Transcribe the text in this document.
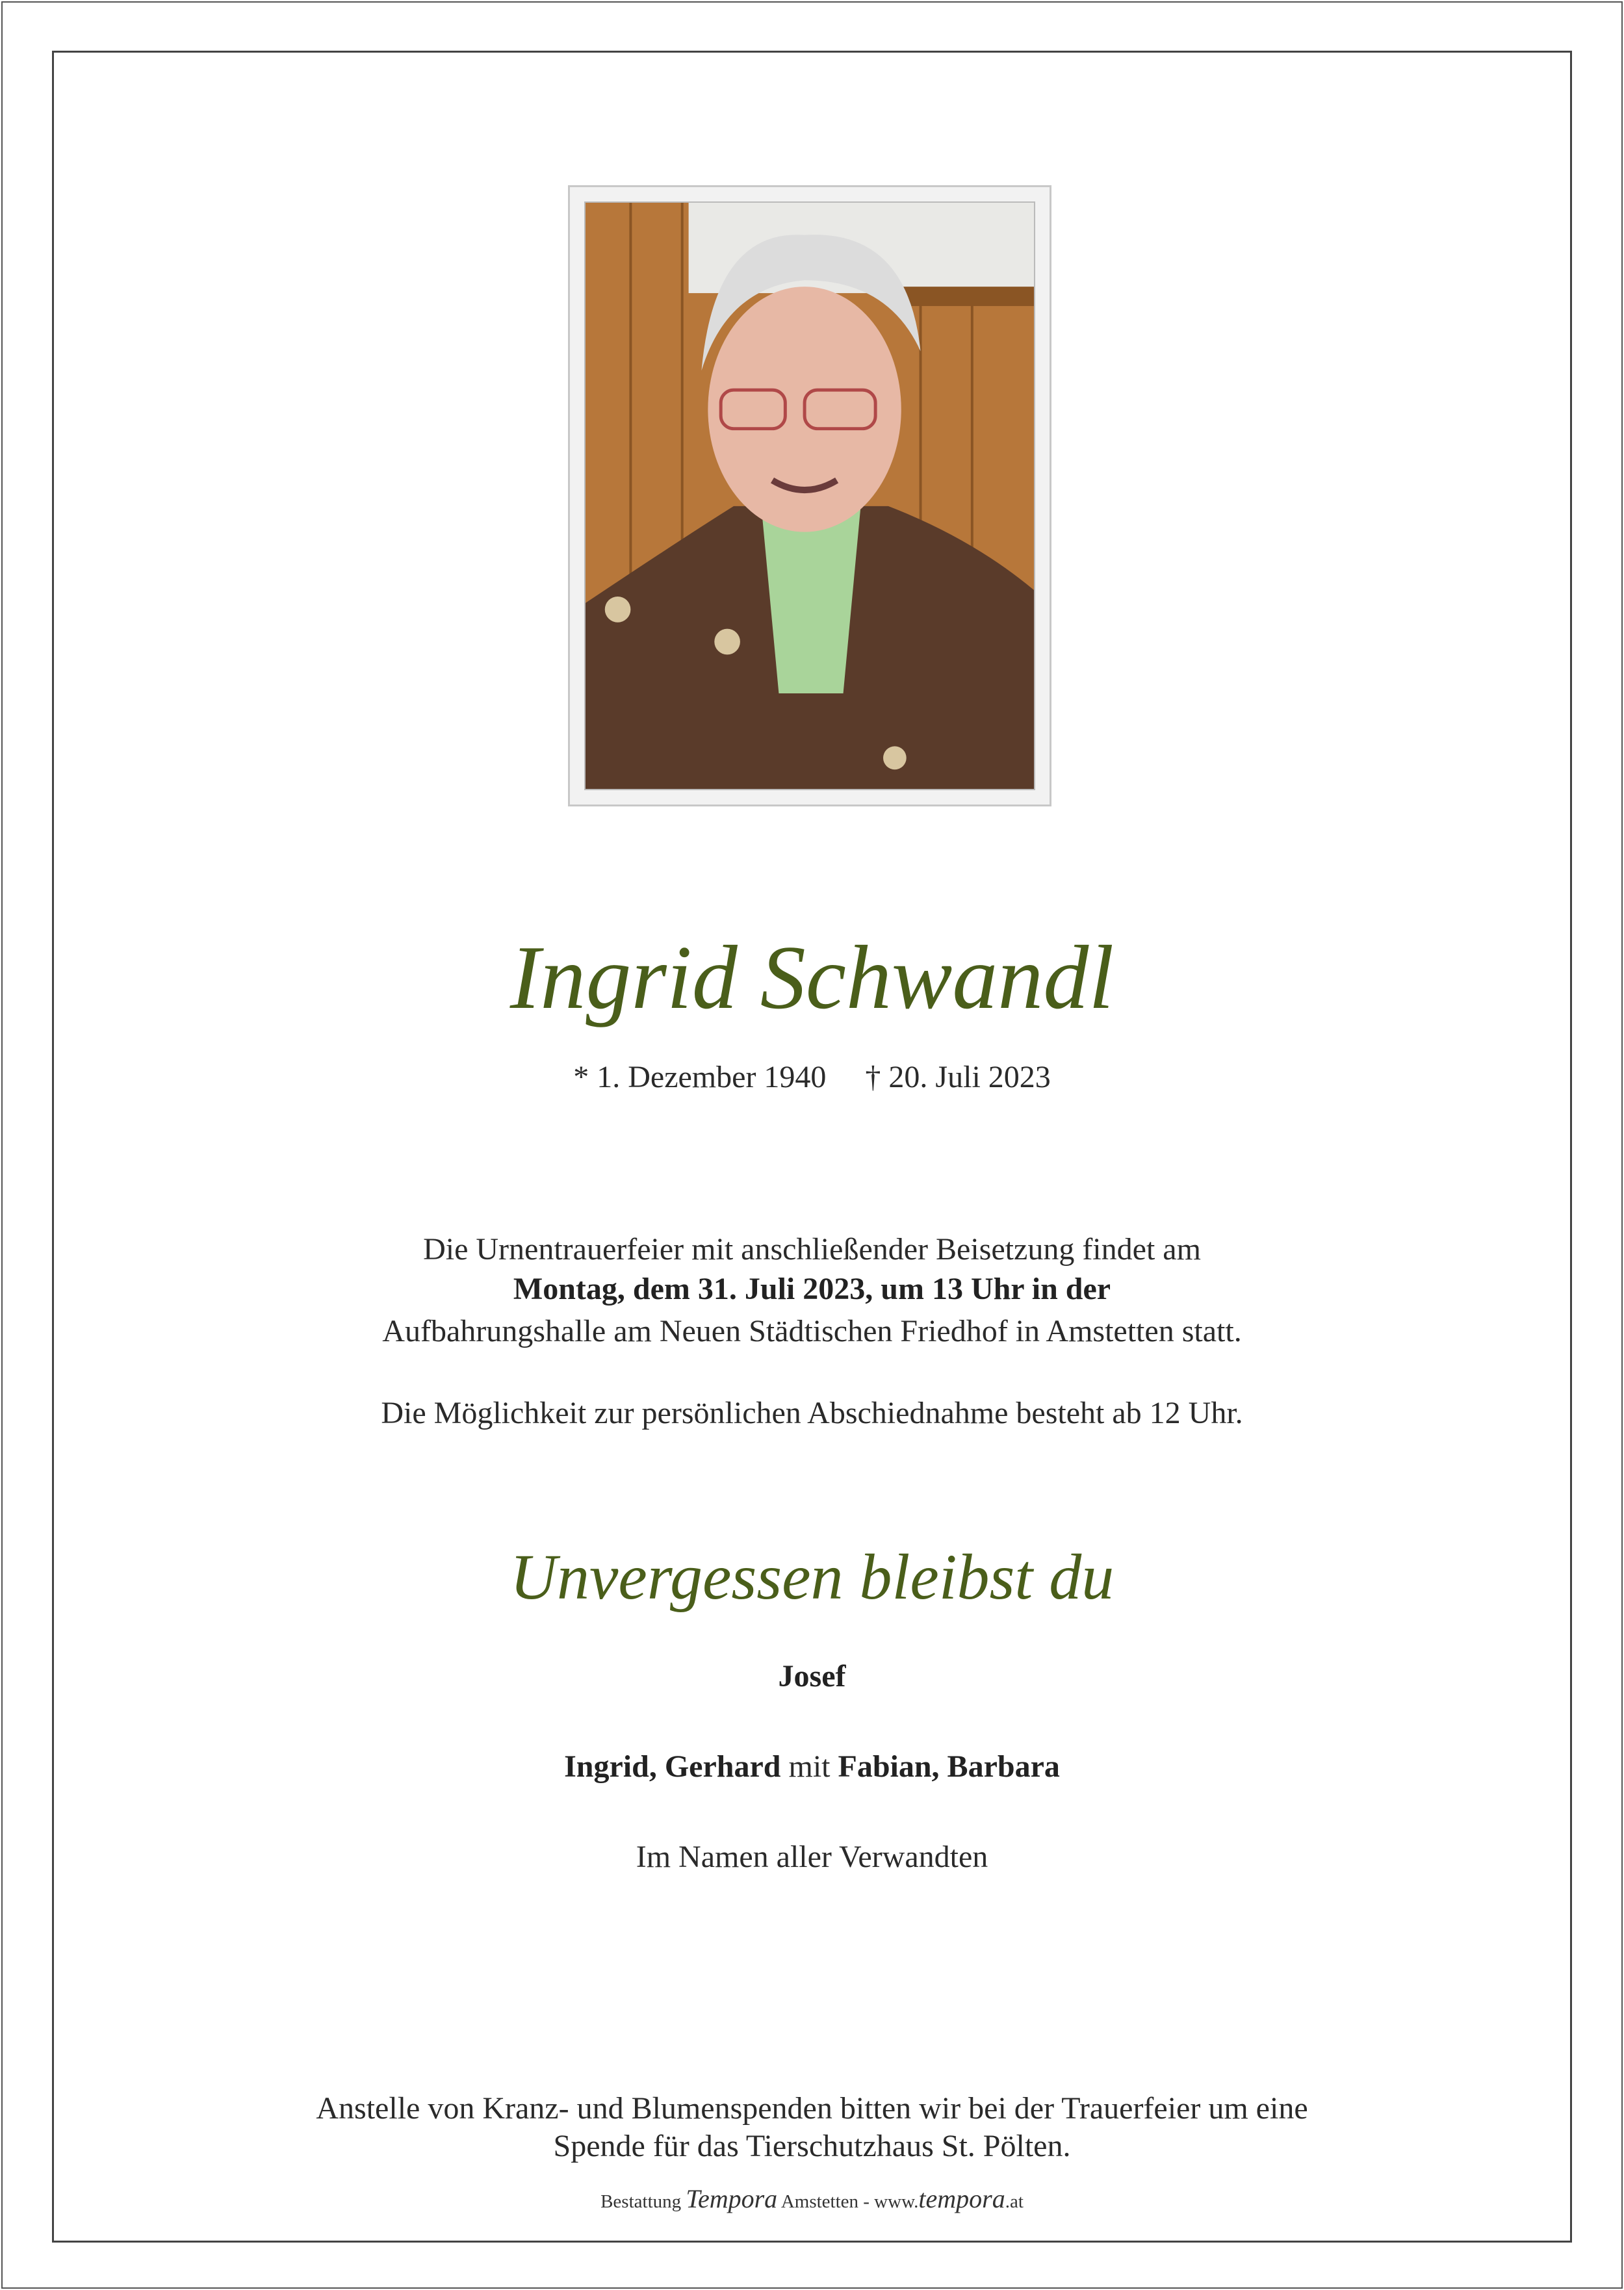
Ingrid Schwandl
* 1. Dezember 1940 † 20. Juli 2023
Die Urnentrauerfeier mit anschließender Beisetzung findet am
Montag, dem 31. Juli 2023, um 13 Uhr in der
Aufbahrungshalle am Neuen Städtischen Friedhof in Amstetten statt.
Die Möglichkeit zur persönlichen Abschiednahme besteht ab 12 Uhr.
Unvergessen bleibst du
Josef
Ingrid, Gerhard mit Fabian, Barbara
Im Namen aller Verwandten
Anstelle von Kranz- und Blumenspenden bitten wir bei der Trauerfeier um eine
Spende für das Tierschutzhaus St. Pölten.
Bestattung Tempora Amstetten - www.tempora.at
